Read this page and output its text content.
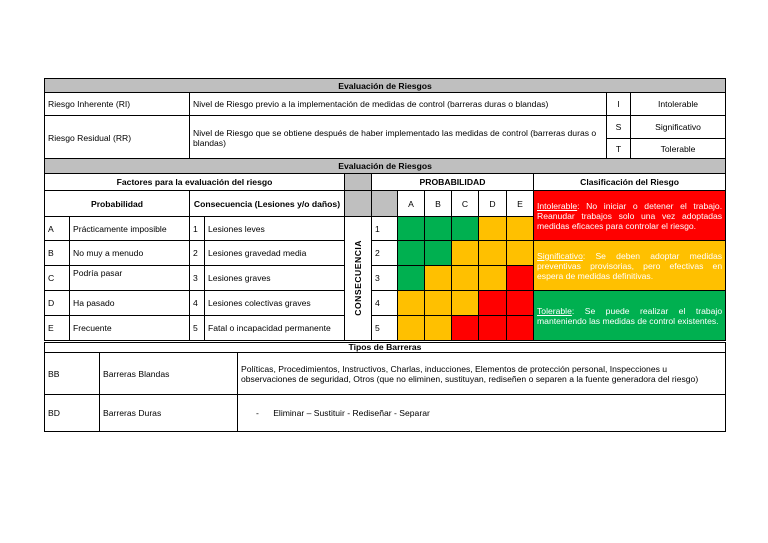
Evaluación de Riesgos			
Riesgo Inherente (RI)	Nivel de Riesgo previo a la implementación de medidas de control (barreras duras o blandas)	I	Intolerable

Riesgo Residual (RR)	Nivel de Riesgo que se obtiene después de haber implementado las medidas de control (barreras duras o blandas)	S	Significativo
		T	Tolerable
Evaluación de Riesgos											
Factores para la evaluación del riesgo					PROBABILIDAD						Clasificación del Riesgo
Probabilidad		Consecuencia (Lesiones y/o daños)				A	B	C	D	E	Intolerable: No iniciar o detener el trabajo. Reanudar trabajos solo una vez adoptadas medidas eficaces para controlar el riesgo.
A	Prácticamente imposible	1	Lesiones leves	CONSECUENCIA	1						
B	No muy a menudo	2	Lesiones gravedad media		2						Significativo: Se deben adoptar medidas preventivas provisorias, pero efectivas en espera de medidas definitivas.
C	Podría pasar	3	Lesiones graves		3						
D	Ha pasado	4	Lesiones colectivas graves		4						Tolerable: Se puede realizar el trabajo manteniendo las medidas de control existentes.
E	Frecuente	5	Fatal o incapacidad permanente		5						
Tipos de Barreras		
BB	Barreras Blandas	Políticas, Procedimientos, Instructivos, Charlas, inducciones, Elementos de protección personal, Inspecciones u observaciones de seguridad, Otros (que no eliminen, sustituyan, rediseñen o separen a la fuente generadora del riesgo)
BD	Barreras Duras	-      Eliminar – Sustituir - Rediseñar - Separar
